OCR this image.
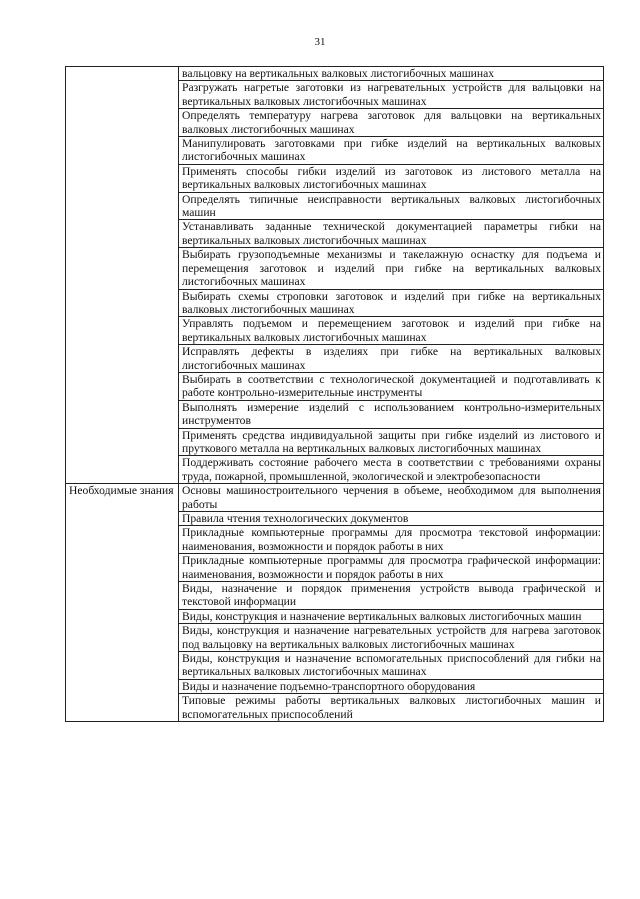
31
	вальцовку на вертикальных валковых листогибочных машинах
	Разгружать нагретые заготовки из нагревательных устройств для вальцовки на вертикальных валковых листогибочных машинах
	Определять температуру нагрева заготовок для вальцовки на вертикальных валковых листогибочных машинах
	Манипулировать заготовками при гибке изделий на вертикальных валковых листогибочных машинах
	Применять способы гибки изделий из заготовок из листового металла на вертикальных валковых листогибочных машинах
	Определять типичные неисправности вертикальных валковых листогибочных машин
	Устанавливать заданные технической документацией параметры гибки на вертикальных валковых листогибочных машинах
	Выбирать грузоподъемные механизмы и такелажную оснастку для подъема и перемещения заготовок и изделий при гибке на вертикальных валковых листогибочных машинах
	Выбирать схемы строповки заготовок и изделий при гибке на вертикальных валковых листогибочных машинах
	Управлять подъемом и перемещением заготовок и изделий при гибке на вертикальных валковых листогибочных машинах
	Исправлять дефекты в изделиях при гибке на вертикальных валковых листогибочных машинах
	Выбирать в соответствии с технологической документацией и подготавливать к работе контрольно-измерительные инструменты
	Выполнять измерение изделий с использованием контрольно-измерительных инструментов
	Применять средства индивидуальной защиты при гибке изделий из листового и пруткового металла на вертикальных валковых листогибочных машинах
	Поддерживать состояние рабочего места в соответствии с требованиями охраны труда, пожарной, промышленной, экологической и электробезопасности
Необходимые знания	Основы машиностроительного черчения в объеме, необходимом для выполнения работы
	Правила чтения технологических документов
	Прикладные компьютерные программы для просмотра текстовой информации: наименования, возможности и порядок работы в них
	Прикладные компьютерные программы для просмотра графической информации: наименования, возможности и порядок работы в них
	Виды, назначение и порядок применения устройств вывода графической и текстовой информации
	Виды, конструкция и назначение вертикальных валковых листогибочных машин
	Виды, конструкция и назначение нагревательных устройств для нагрева заготовок под вальцовку на вертикальных валковых листогибочных машинах
	Виды, конструкция и назначение вспомогательных приспособлений для гибки на вертикальных валковых листогибочных машинах
	Виды и назначение подъемно-транспортного оборудования
	Типовые режимы работы вертикальных валковых листогибочных машин и вспомогательных приспособлений
